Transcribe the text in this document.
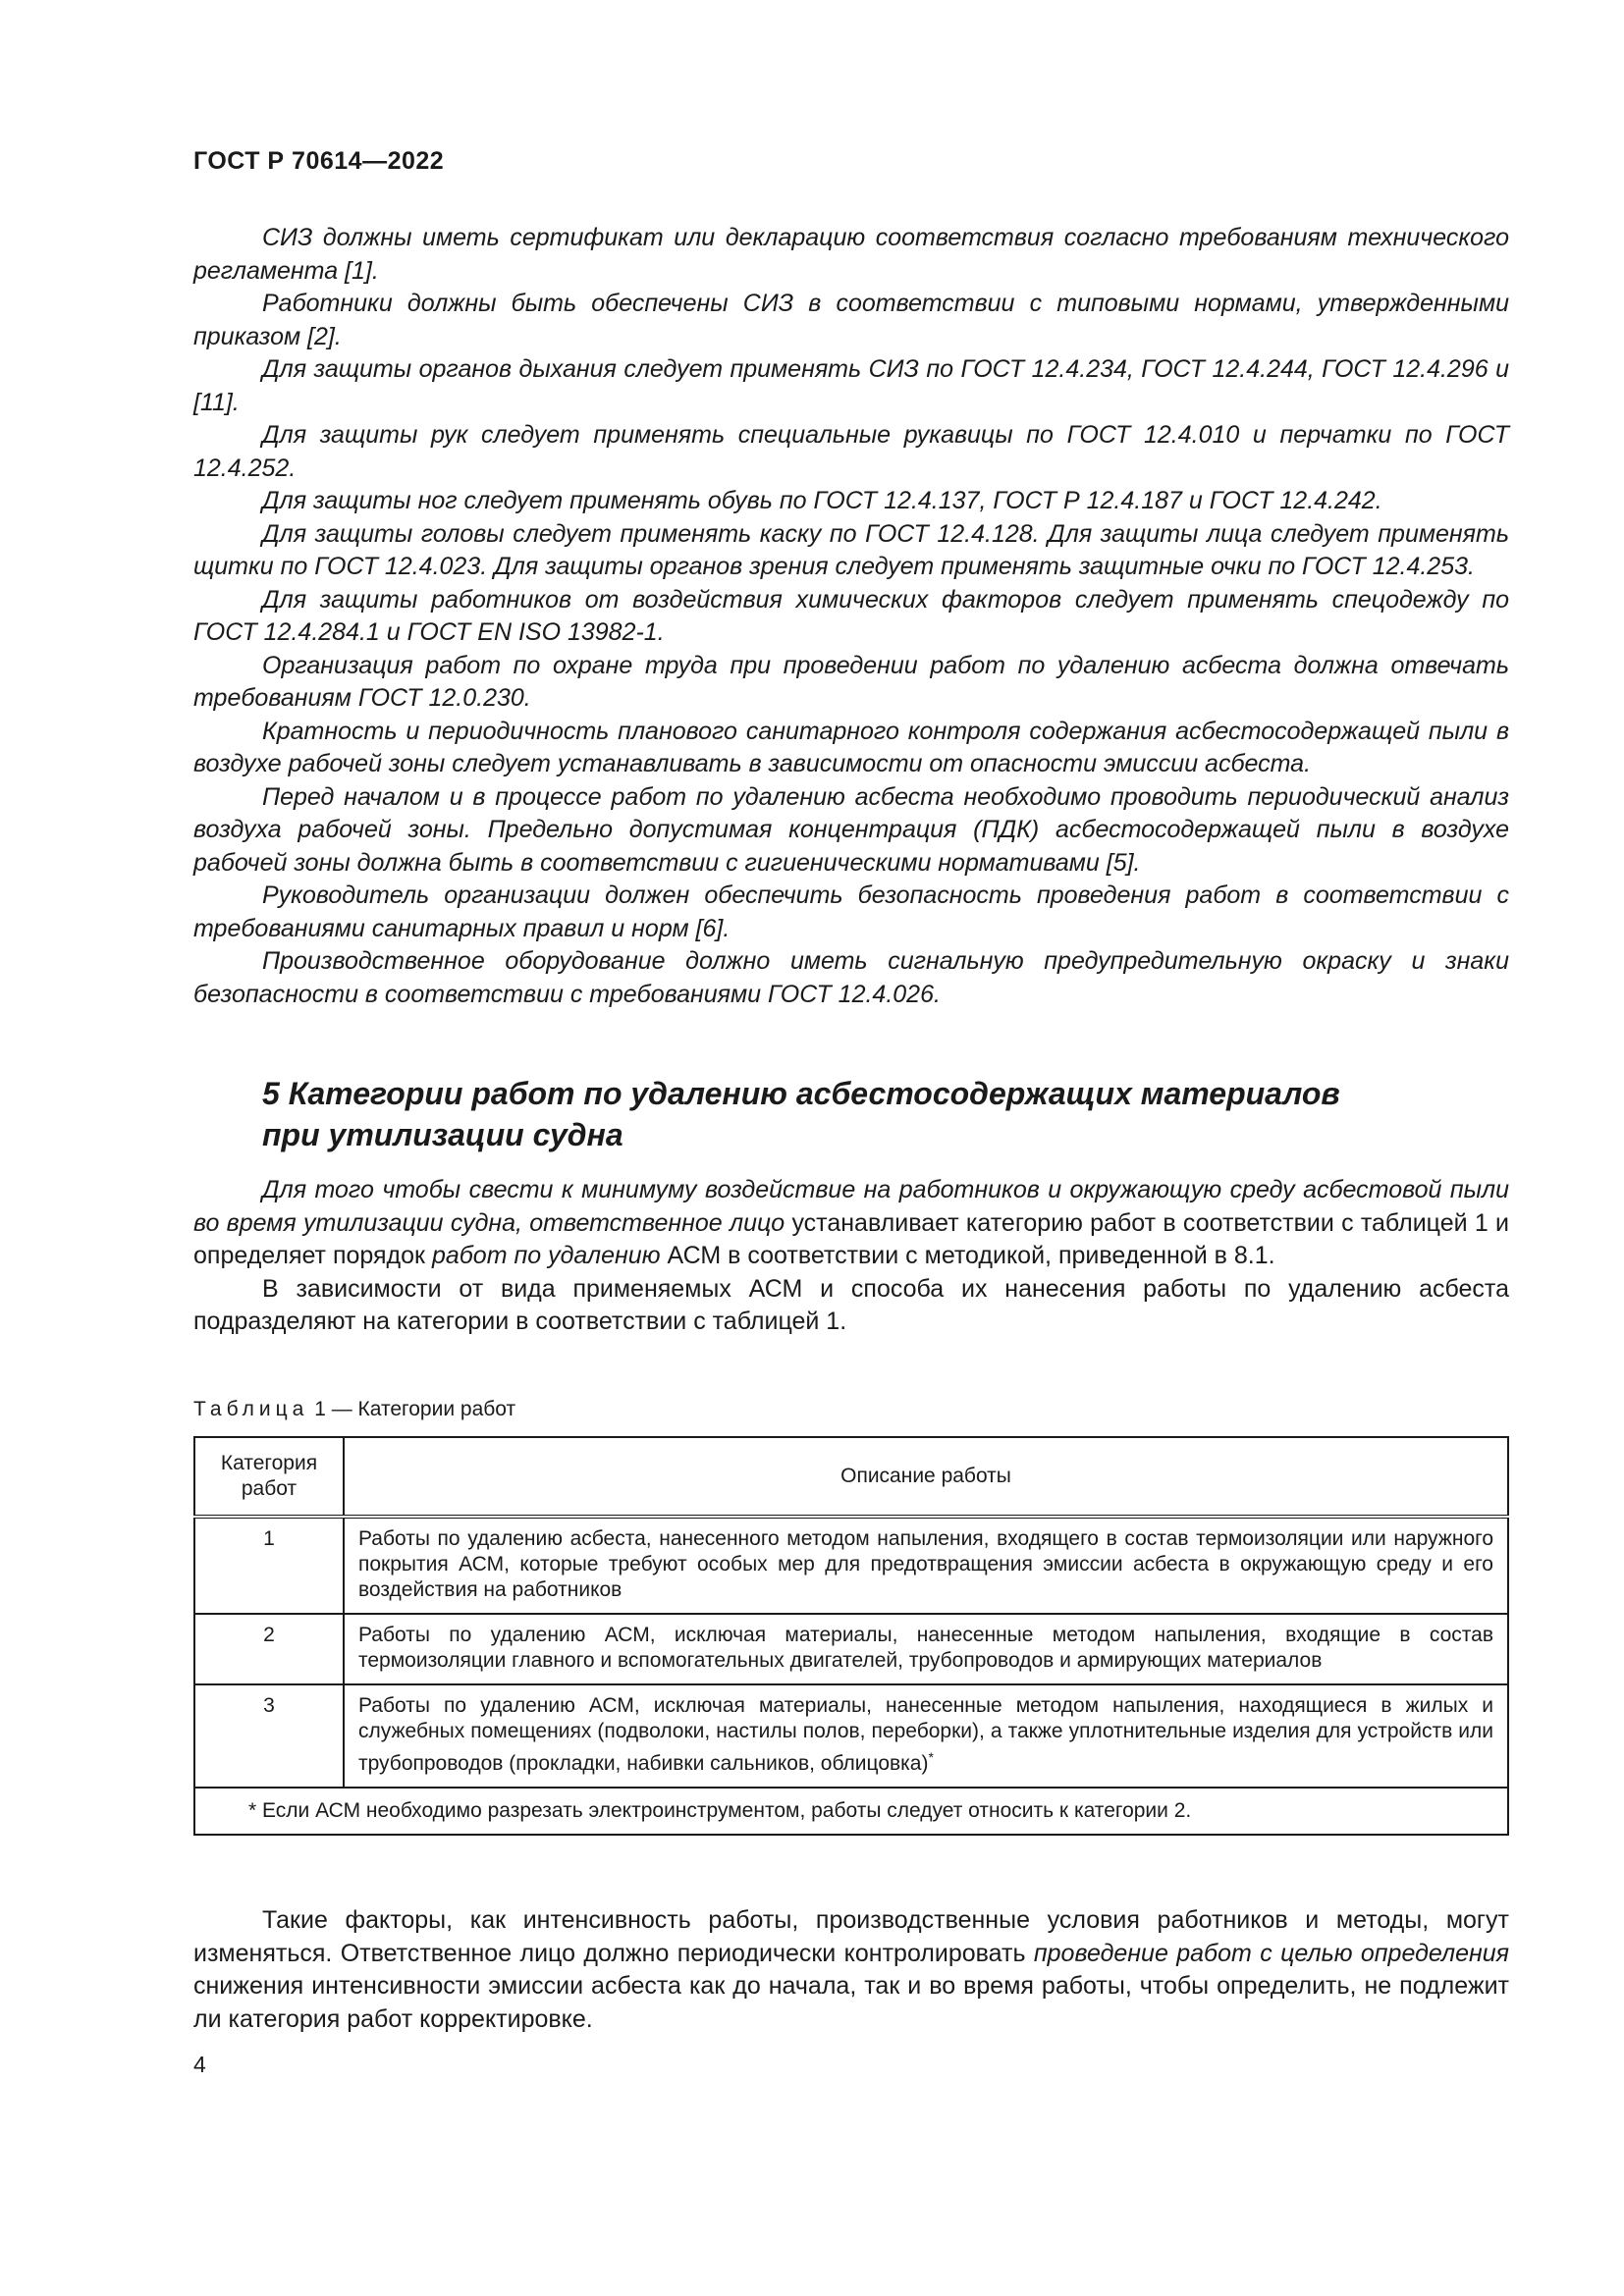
ГОСТ Р 70614—2022

СИЗ должны иметь сертификат или декларацию соответствия согласно требованиям технического регламента [1].

Работники должны быть обеспечены СИЗ в соответствии с типовыми нормами, утвержденными приказом [2].

Для защиты органов дыхания следует применять СИЗ по ГОСТ 12.4.234, ГОСТ 12.4.244, ГОСТ 12.4.296 и [11].

Для защиты рук следует применять специальные рукавицы по ГОСТ 12.4.010 и перчатки по ГОСТ 12.4.252.

Для защиты ног следует применять обувь по ГОСТ 12.4.137, ГОСТ Р 12.4.187 и ГОСТ 12.4.242.

Для защиты головы следует применять каску по ГОСТ 12.4.128. Для защиты лица следует применять щитки по ГОСТ 12.4.023. Для защиты органов зрения следует применять защитные очки по ГОСТ 12.4.253.

Для защиты работников от воздействия химических факторов следует применять спецодежду по ГОСТ 12.4.284.1 и ГОСТ EN ISO 13982-1.

Организация работ по охране труда при проведении работ по удалению асбеста должна отвечать требованиям ГОСТ 12.0.230.

Кратность и периодичность планового санитарного контроля содержания асбестосодержащей пыли в воздухе рабочей зоны следует устанавливать в зависимости от опасности эмиссии асбеста.

Перед началом и в процессе работ по удалению асбеста необходимо проводить периодический анализ воздуха рабочей зоны. Предельно допустимая концентрация (ПДК) асбестосодержащей пыли в воздухе рабочей зоны должна быть в соответствии с гигиеническими нормативами [5].

Руководитель организации должен обеспечить безопасность проведения работ в соответствии с требованиями санитарных правил и норм [6].

Производственное оборудование должно иметь сигнальную предупредительную окраску и знаки безопасности в соответствии с требованиями ГОСТ 12.4.026.

5 Категории работ по удалению асбестосодержащих материалов
при утилизации судна

Для того чтобы свести к минимуму воздействие на работников и окружающую среду асбестовой пыли во время утилизации судна, ответственное лицо устанавливает категорию работ в соответствии с таблицей 1 и определяет порядок работ по удалению АСМ в соответствии с методикой, приведенной в 8.1.

В зависимости от вида применяемых АСМ и способа их нанесения работы по удалению асбеста подразделяют на категории в соответствии с таблицей 1.

Таблица 1 — Категории работ
Категория работ	Описание работы
1	Работы по удалению асбеста, нанесенного методом напыления, входящего в состав термоизоляции или наружного покрытия АСМ, которые требуют особых мер для предотвращения эмиссии асбеста в окружающую среду и его воздействия на работников
2	Работы по удалению АСМ, исключая материалы, нанесенные методом напыления, входящие в состав термоизоляции главного и вспомогательных двигателей, трубопроводов и армирующих материалов
3	Работы по удалению АСМ, исключая материалы, нанесенные методом напыления, находящиеся в жилых и служебных помещениях (подволоки, настилы полов, переборки), а также уплотнительные изделия для устройств или трубопроводов (прокладки, набивки сальников, облицовка)*
* Если АСМ необходимо разрезать электроинструментом, работы следует относить к категории 2.	

Такие факторы, как интенсивность работы, производственные условия работников и методы, могут изменяться. Ответственное лицо должно периодически контролировать проведение работ с целью определения снижения интенсивности эмиссии асбеста как до начала, так и во время работы, чтобы определить, не подлежит ли категория работ корректировке.

4
